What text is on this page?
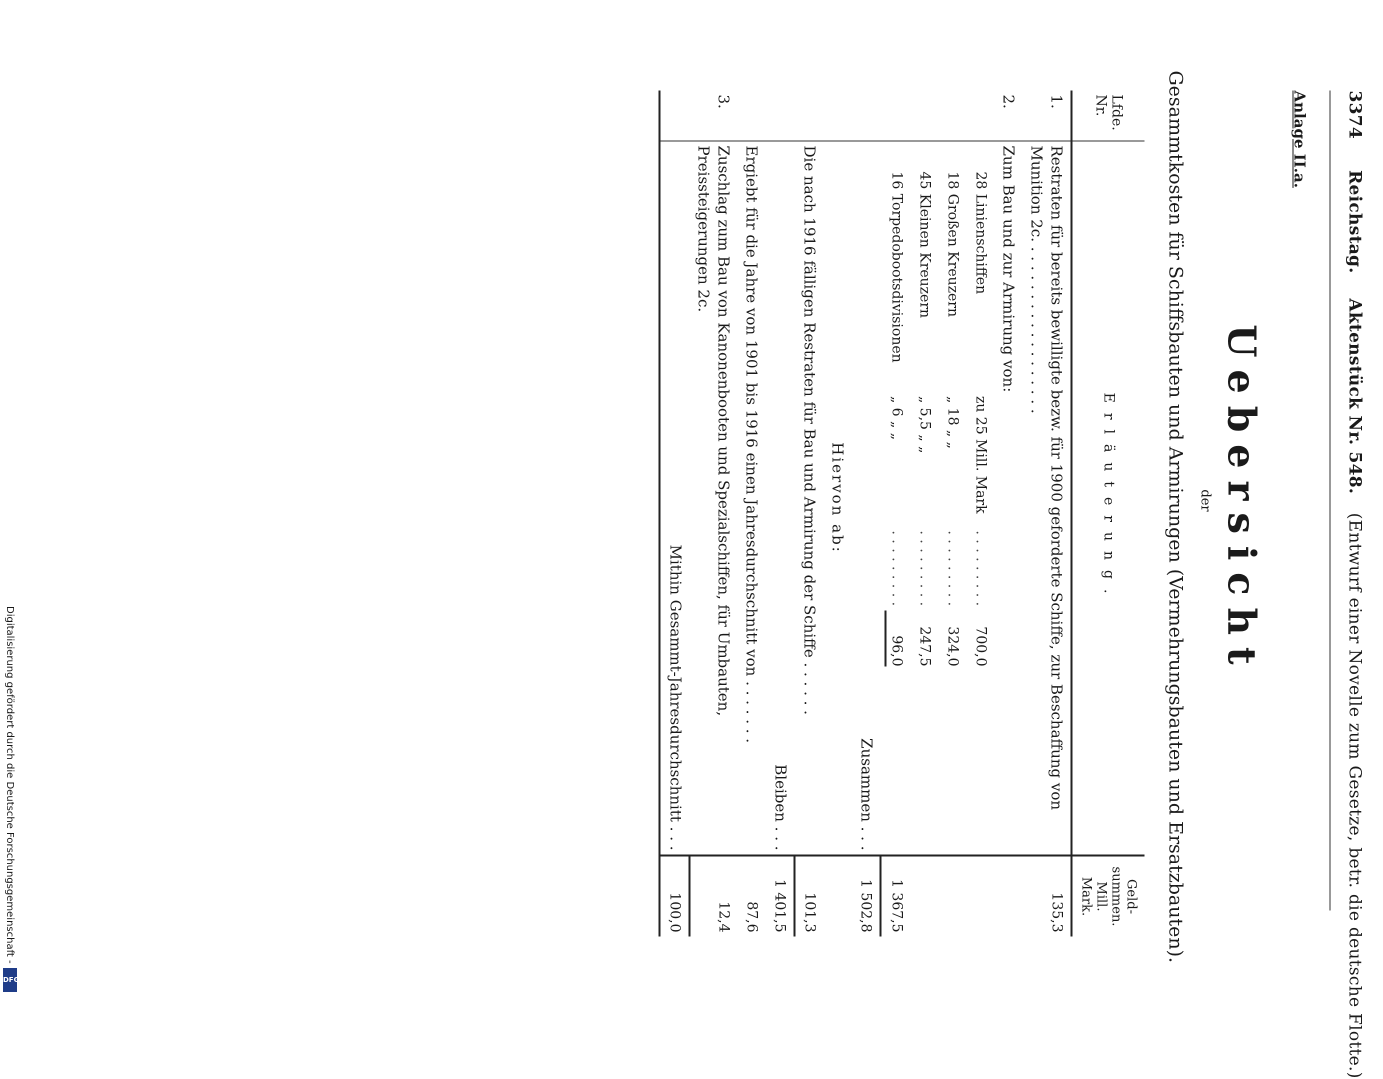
3374     Reichstag.    Aktenstück Nr. 548.   (Entwurf einer Novelle zum Gesetze, betr. die deutsche Flotte.)
Anlage II.a.
Uebersicht
der
Gesammtkosten für Schiffsbauten und Armirungen (Vermehrungsbauten und Ersatzbauten).
Lfde. Nr.	Erläuterung.	Geld-summen. Mill. Mark.
1.	Restraten für bereits bewilligte bezw. für 1900 geforderte Schiffe, zur Beschaffung von Munition 2c. . . . . . . . . . . . . . . . . . .	135,3
2.	Zum Bau und zur Armirung von:	
	28 Linienschiffen zu 25 Mill. Mark . . . . . . . . . 700,0	
	18 Großen Kreuzern „ 18 „ „ . . . . . . . . . 324,0	
	45 Kleinen Kreuzern „ 5,5 „ „ . . . . . . . . . 247,5	
	16 Torpedobootsdivisionen „ 6 „ „ . . . . . . . . . 96,0	1 367,5
	Zusammen . . .	1 502,8
	Hiervon ab:	
	Die nach 1916 fälligen Restraten für Bau und Armirung der Schiffe . . . . . .	101,3
	Bleiben . . .	1 401,5
	Ergiebt für die Jahre von 1901 bis 1916 einen Jahresdurchschnitt von . . . . . . .	87,6
3.	Zuschlag zum Bau von Kanonenbooten und Spezialschiffen, für Umbauten, Preissteigerungen 2c.	12,4
	Mithin Gesammt-Jahresdurchschnitt . . .	100,0
Digitalisierung gefördert durch die Deutsche Forschungsgemeinschaft -
DFG
